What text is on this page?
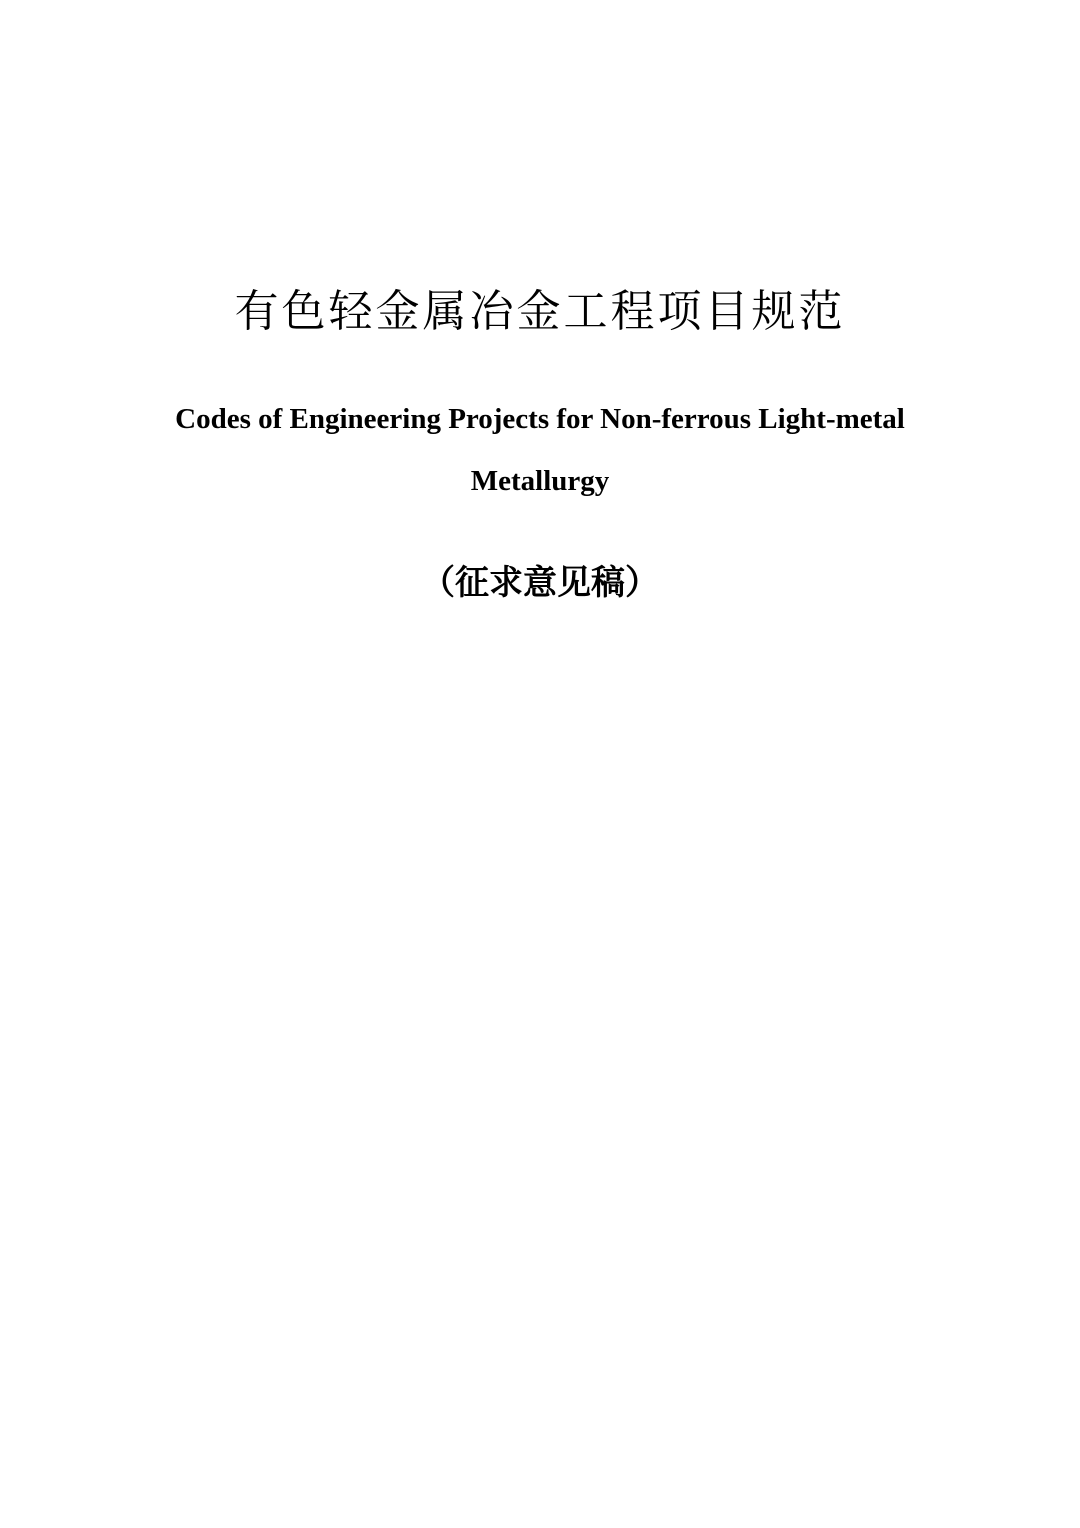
有色轻金属冶金工程项目规范
Codes of Engineering Projects for Non-ferrous Light-metal
Metallurgy
（征求意见稿）
